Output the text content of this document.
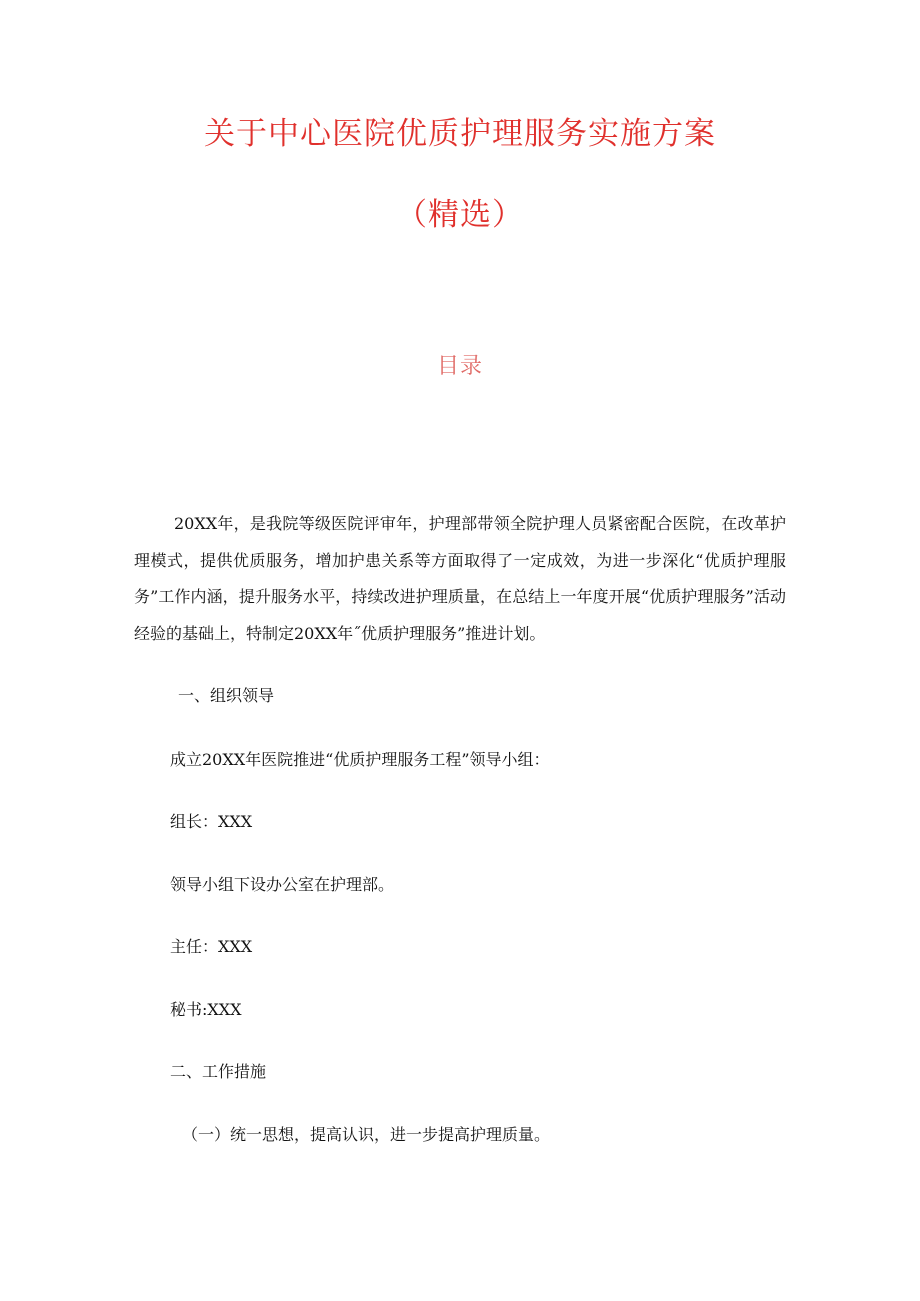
关于中心医院优质护理服务实施方案
（精选）
目录

20XX年，是我院等级医院评审年，护理部带领全院护理人员紧密配合医院，在改革护理模式，提供优质服务，增加护患关系等方面取得了一定成效，为进一步深化“优质护理服务”工作内涵，提升服务水平，持续改进护理质量，在总结上一年度开展“优质护理服务”活动经验的基础上，特制定20XX年˝优质护理服务”推进计划。

一、组织领导

成立20XX年医院推进“优质护理服务工程”领导小组：

组长：XXX

领导小组下设办公室在护理部。

主任：XXX

秘书:XXX

二、工作措施

（一）统一思想，提高认识，进一步提高护理质量。
